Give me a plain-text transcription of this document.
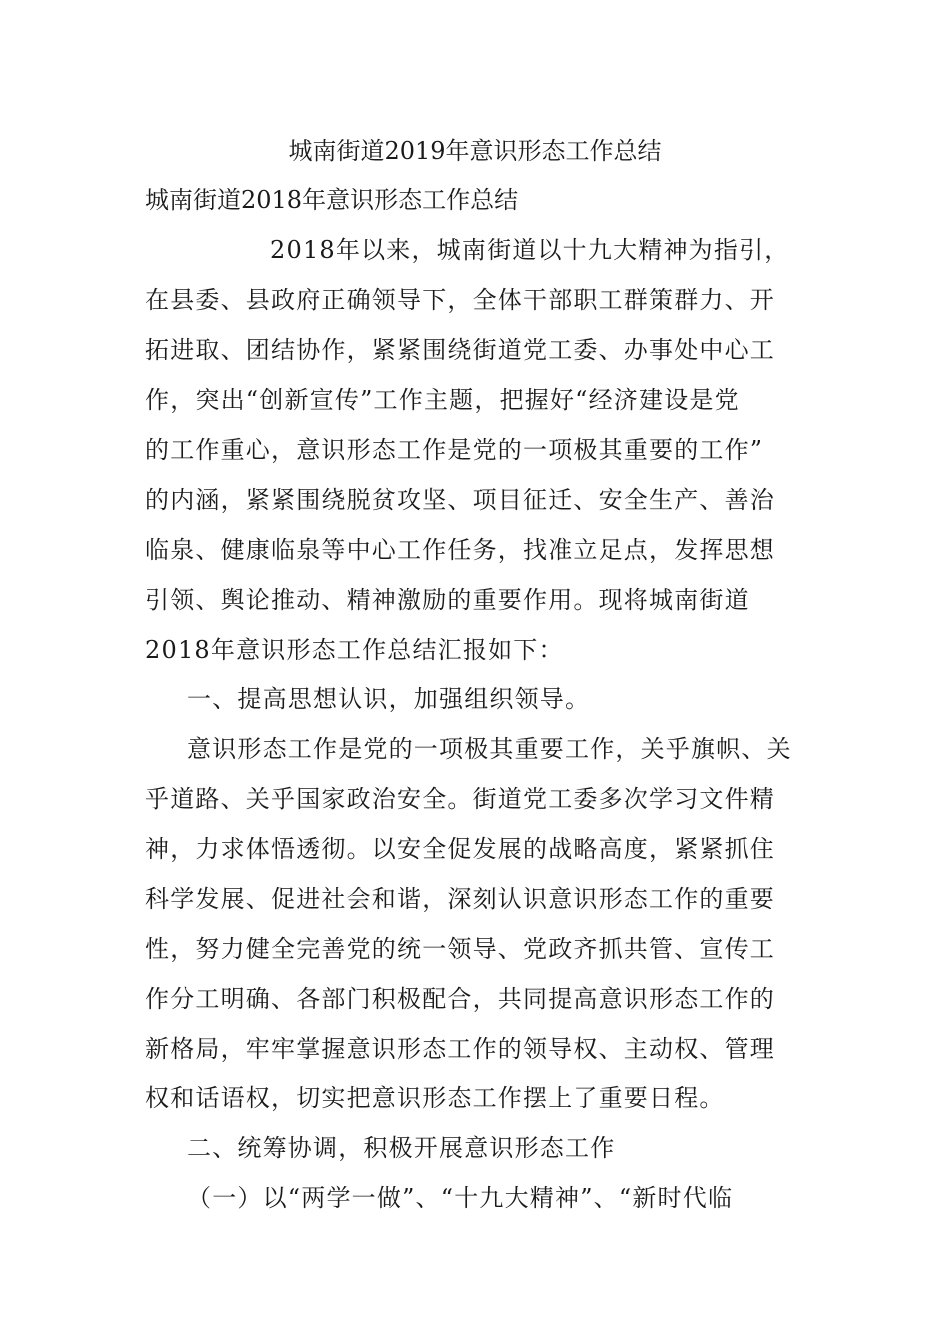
城南街道2019年意识形态工作总结
城南街道2018年意识形态工作总结

2018年以来，城南街道以十九大精神为指引，

在县委、县政府正确领导下，全体干部职工群策群力、开

拓进取、团结协作，紧紧围绕街道党工委、办事处中心工

作，突出“创新宣传”工作主题，把握好“经济建设是党

的工作重心，意识形态工作是党的一项极其重要的工作”

的内涵，紧紧围绕脱贫攻坚、项目征迁、安全生产、善治

临泉、健康临泉等中心工作任务，找准立足点，发挥思想

引领、舆论推动、精神激励的重要作用。现将城南街道

2018年意识形态工作总结汇报如下：

一、提高思想认识，加强组织领导。

意识形态工作是党的一项极其重要工作，关乎旗帜、关

乎道路、关乎国家政治安全。街道党工委多次学习文件精

神，力求体悟透彻。以安全促发展的战略高度，紧紧抓住

科学发展、促进社会和谐，深刻认识意识形态工作的重要

性，努力健全完善党的统一领导、党政齐抓共管、宣传工

作分工明确、各部门积极配合，共同提高意识形态工作的

新格局，牢牢掌握意识形态工作的领导权、主动权、管理

权和话语权，切实把意识形态工作摆上了重要日程。

二、统筹协调，积极开展意识形态工作

（一）以“两学一做”、“十九大精神”、“新时代临
